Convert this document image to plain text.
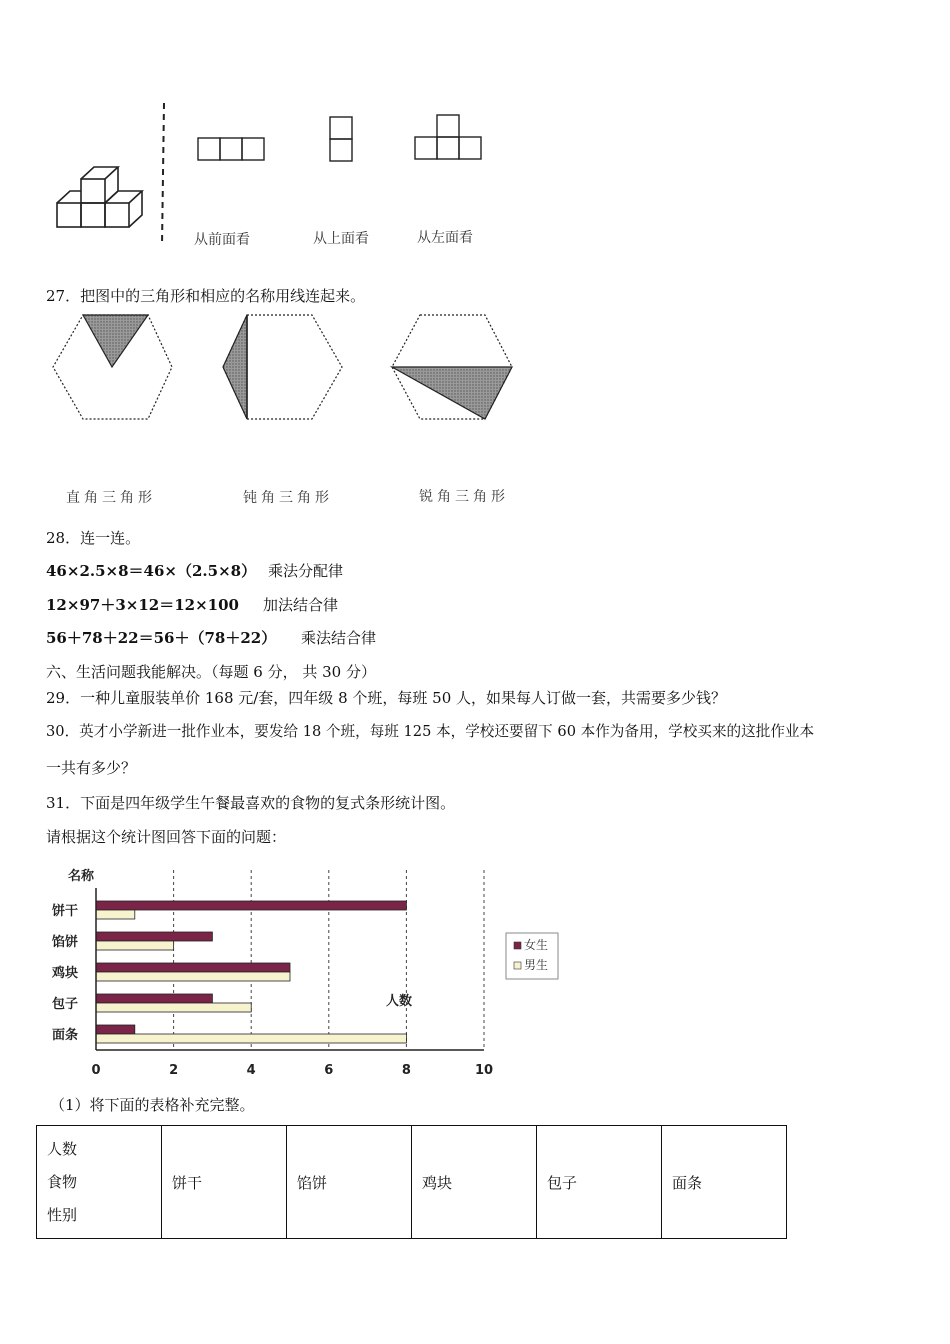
从前面看	从上面看	从左面看
27．把图中的三角形和相应的名称用线连起来。
直角三角形	钝角三角形	锐角三角形
28．连一连。
46×2.5×8＝46×（2.5×8） 乘法分配律
12×97＋3×12＝12×100 加法结合律
56＋78＋22＝56＋（78＋22） 乘法结合律
六、生活问题我能解决。（每题 6 分， 共 30 分）
29．一种儿童服装单价 168 元/套，四年级 8 个班，每班 50 人，如果每人订做一套，共需要多少钱？
30．英才小学新进一批作业本，要发给 18 个班，每班 125 本，学校还要留下 60 本作为备用，学校买来的这批作业本
一共有多少？
31．下面是四年级学生午餐最喜欢的食物的复式条形统计图。
请根据这个统计图回答下面的问题：
名称
饼干
馅饼
鸡块
包子
面条
0	2	4	6	8	10
人数
女生
男生
（1）将下面的表格补充完整。
人数
食物
性别
	饼干	馅饼	鸡块	包子	面条
